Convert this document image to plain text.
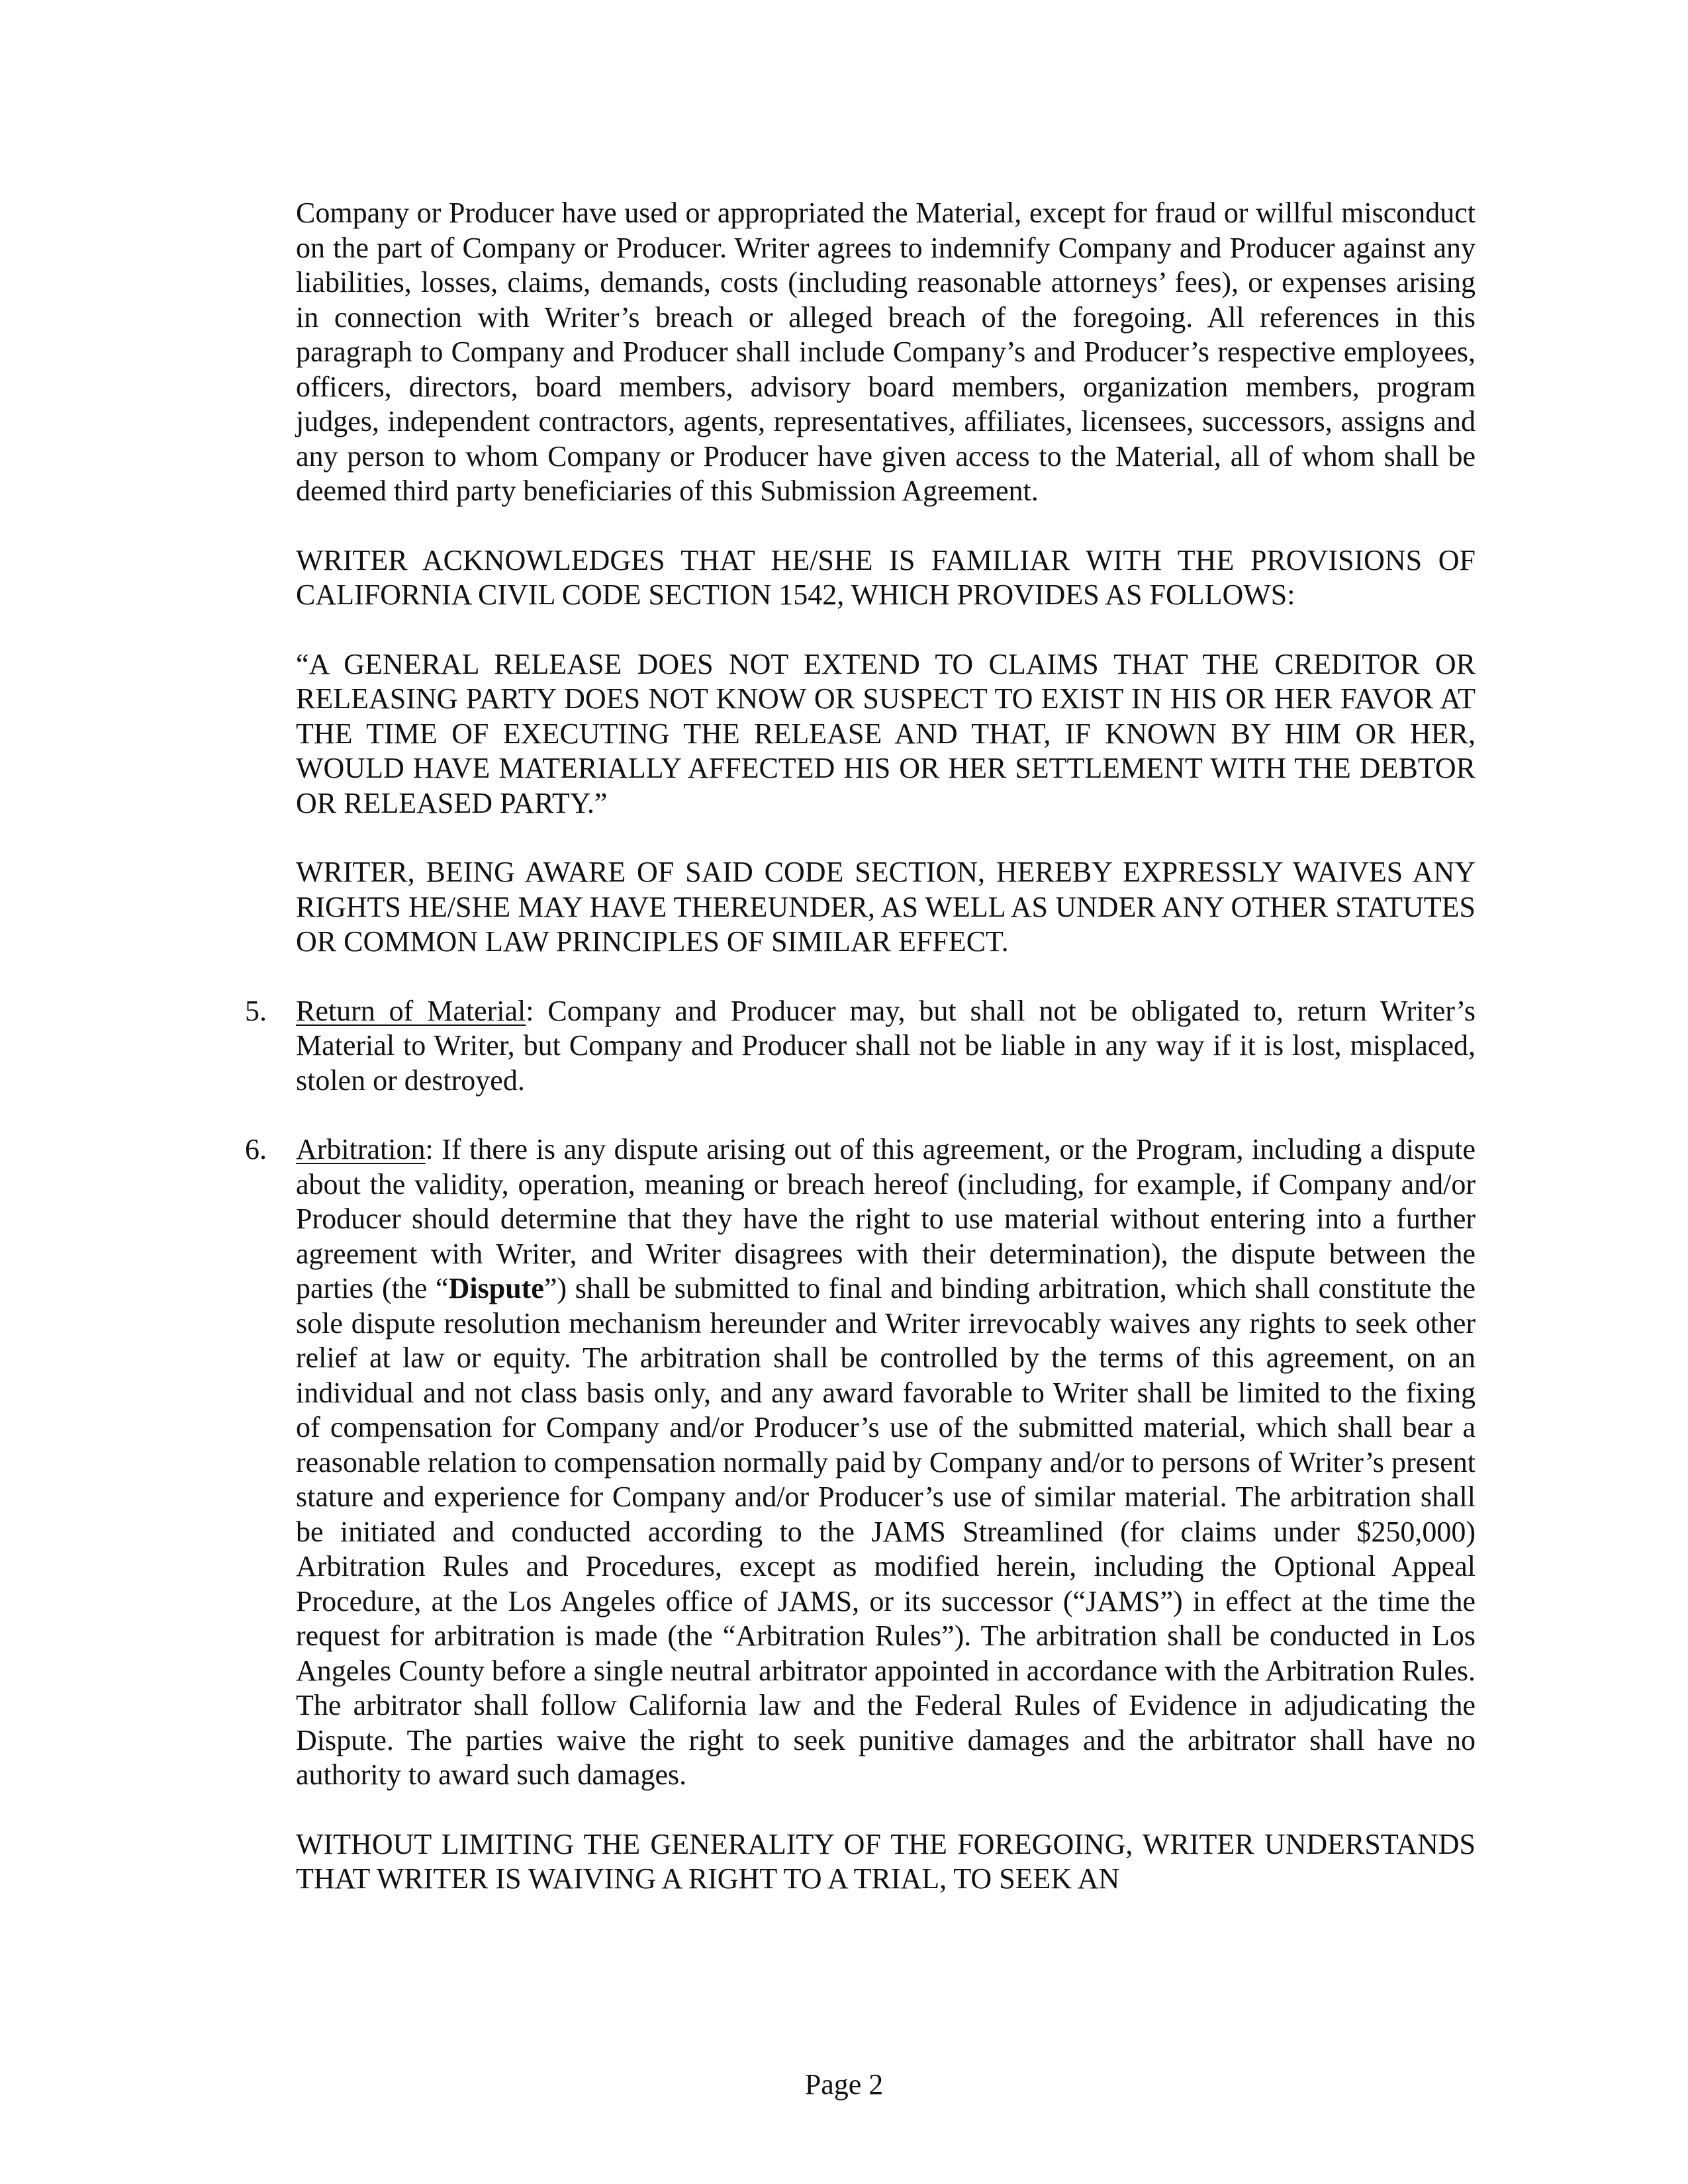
Company or Producer have used or appropriated the Material, except for fraud or willful misconduct on the part of Company or Producer. Writer agrees to indemnify Company and Producer against any liabilities, losses, claims, demands, costs (including reasonable attorneys’ fees), or expenses arising in connection with Writer’s breach or alleged breach of the foregoing. All references in this paragraph to Company and Producer shall include Company’s and Producer’s respective employees, officers, directors, board members, advisory board members, organization members, program judges, independent contractors, agents, representatives, affiliates, licensees, successors, assigns and any person to whom Company or Producer have given access to the Material, all of whom shall be deemed third party beneficiaries of this Submission Agreement.

WRITER ACKNOWLEDGES THAT HE/SHE IS FAMILIAR WITH THE PROVISIONS OF CALIFORNIA CIVIL CODE SECTION 1542, WHICH PROVIDES AS FOLLOWS:

“A GENERAL RELEASE DOES NOT EXTEND TO CLAIMS THAT THE CREDITOR OR RELEASING PARTY DOES NOT KNOW OR SUSPECT TO EXIST IN HIS OR HER FAVOR AT THE TIME OF EXECUTING THE RELEASE AND THAT, IF KNOWN BY HIM OR HER, WOULD HAVE MATERIALLY AFFECTED HIS OR HER SETTLEMENT WITH THE DEBTOR OR RELEASED PARTY.”

WRITER, BEING AWARE OF SAID CODE SECTION, HEREBY EXPRESSLY WAIVES ANY RIGHTS HE/SHE MAY HAVE THEREUNDER, AS WELL AS UNDER ANY OTHER STATUTES OR COMMON LAW PRINCIPLES OF SIMILAR EFFECT.

5. Return of Material: Company and Producer may, but shall not be obligated to, return Writer’s Material to Writer, but Company and Producer shall not be liable in any way if it is lost, misplaced, stolen or destroyed.

6. Arbitration: If there is any dispute arising out of this agreement, or the Program, including a dispute about the validity, operation, meaning or breach hereof (including, for example, if Company and/or Producer should determine that they have the right to use material without entering into a further agreement with Writer, and Writer disagrees with their determination), the dispute between the parties (the “Dispute”) shall be submitted to final and binding arbitration, which shall constitute the sole dispute resolution mechanism hereunder and Writer irrevocably waives any rights to seek other relief at law or equity. The arbitration shall be controlled by the terms of this agreement, on an individual and not class basis only, and any award favorable to Writer shall be limited to the fixing of compensation for Company and/or Producer’s use of the submitted material, which shall bear a reasonable relation to compensation normally paid by Company and/or to persons of Writer’s present stature and experience for Company and/or Producer’s use of similar material. The arbitration shall be initiated and conducted according to the JAMS Streamlined (for claims under $250,000) Arbitration Rules and Procedures, except as modified herein, including the Optional Appeal Procedure, at the Los Angeles office of JAMS, or its successor (“JAMS”) in effect at the time the request for arbitration is made (the “Arbitration Rules”). The arbitration shall be conducted in Los Angeles County before a single neutral arbitrator appointed in accordance with the Arbitration Rules. The arbitrator shall follow California law and the Federal Rules of Evidence in adjudicating the Dispute. The parties waive the right to seek punitive damages and the arbitrator shall have no authority to award such damages.

WITHOUT LIMITING THE GENERALITY OF THE FOREGOING, WRITER UNDERSTANDS THAT WRITER IS WAIVING A RIGHT TO A TRIAL, TO SEEK AN

Page 2
